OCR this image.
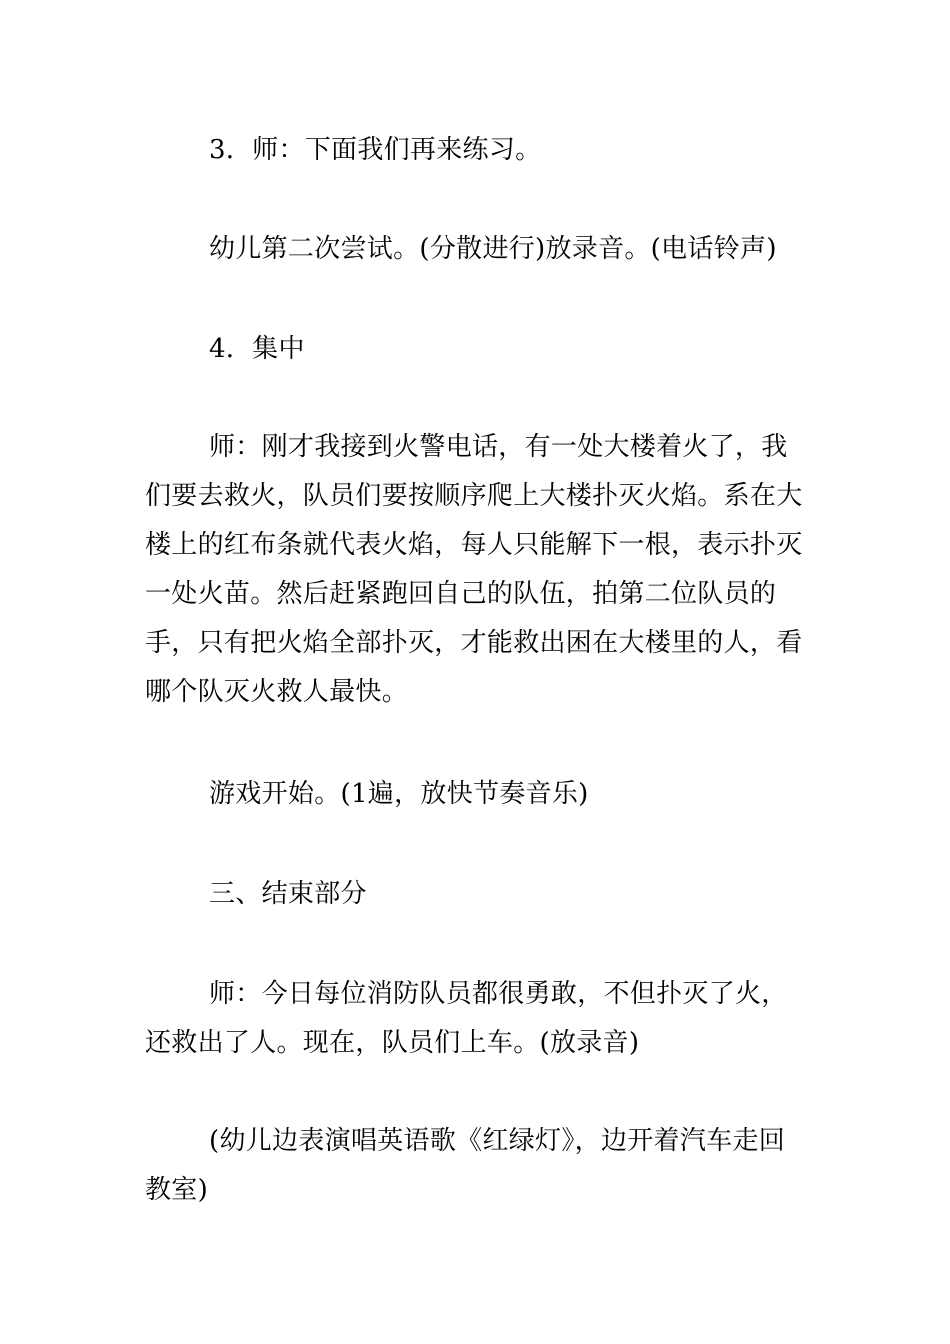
3．师：下面我们再来练习。

幼儿第二次尝试。(分散进行)放录音。(电话铃声)

4．集中

师：刚才我接到火警电话，有一处大楼着火了，我们要去救火，队员们要按顺序爬上大楼扑灭火焰。系在大楼上的红布条就代表火焰，每人只能解下一根，表示扑灭一处火苗。然后赶紧跑回自己的队伍，拍第二位队员的手，只有把火焰全部扑灭，才能救出困在大楼里的人，看哪个队灭火救人最快。

游戏开始。(1遍，放快节奏音乐)

三、结束部分

师：今日每位消防队员都很勇敢，不但扑灭了火，还救出了人。现在，队员们上车。(放录音)

(幼儿边表演唱英语歌《红绿灯》，边开着汽车走回教室)
